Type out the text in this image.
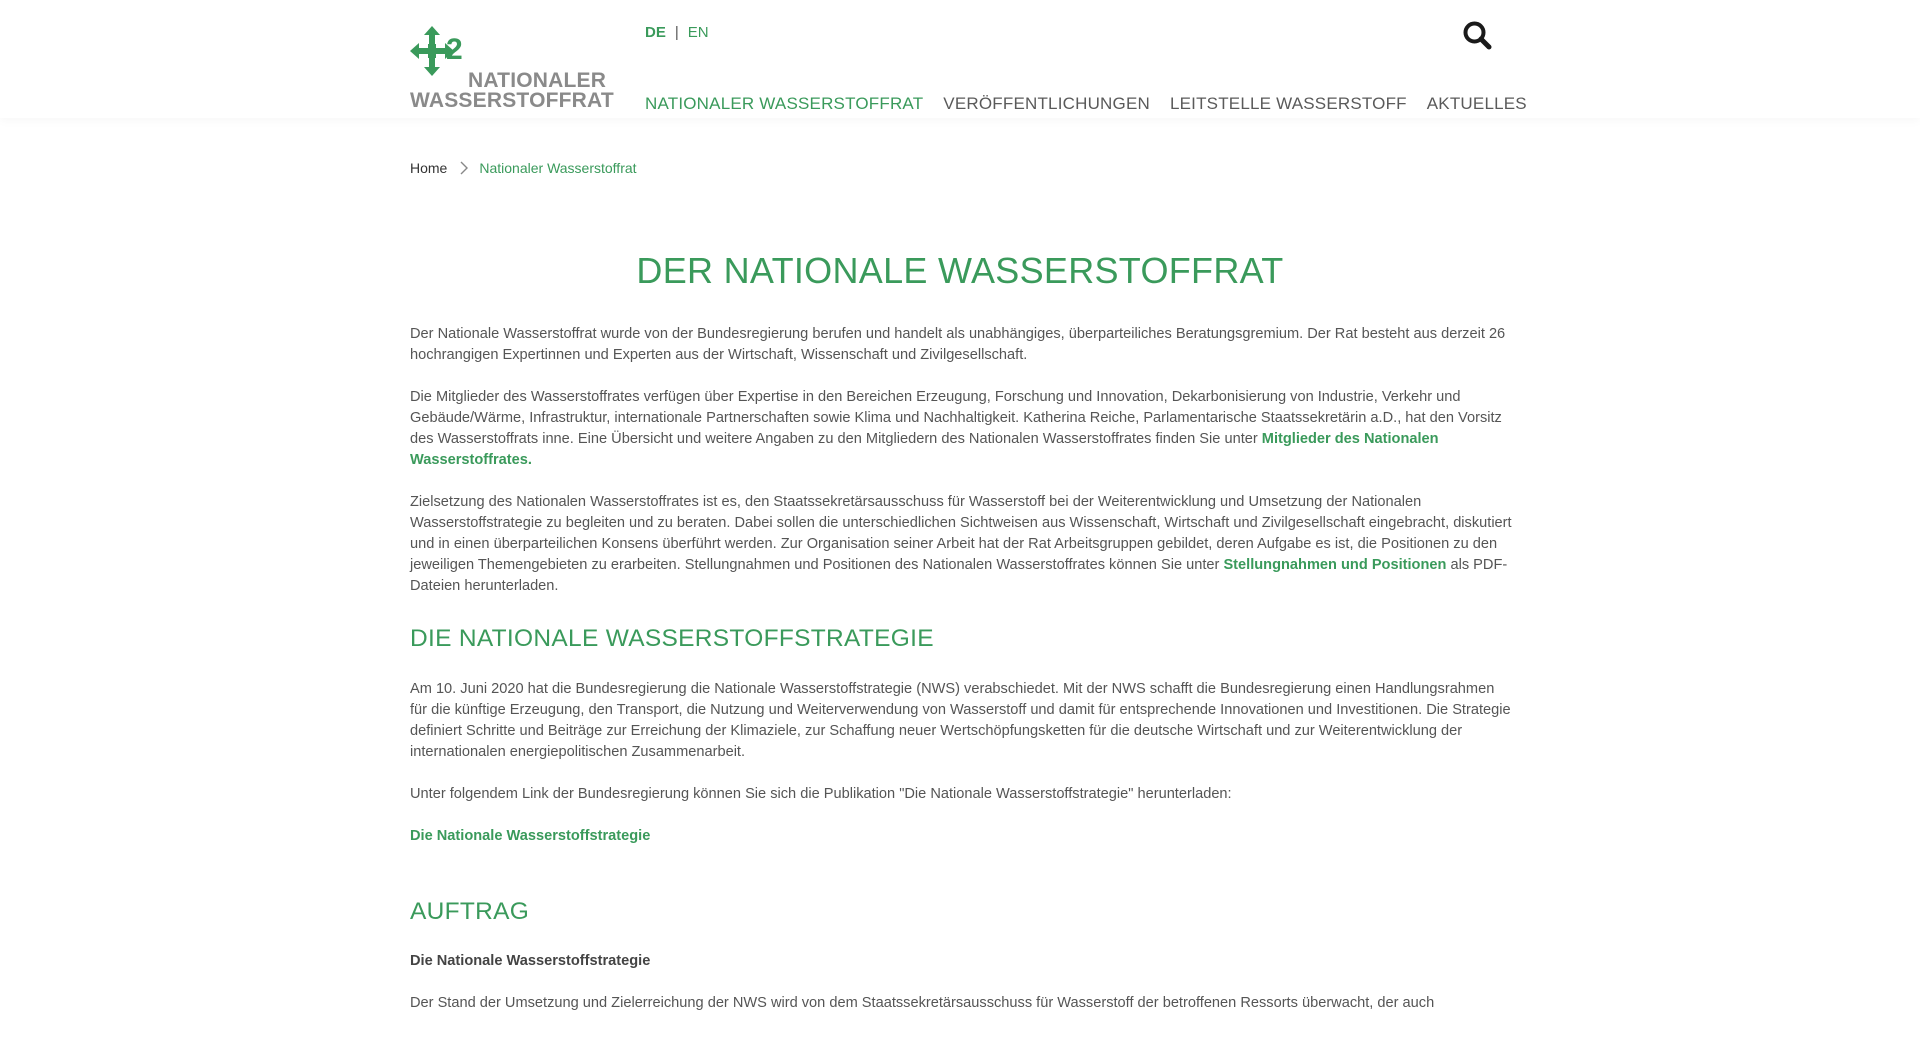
2
NATIONALER
WASSERSTOFFRAT
DE | EN
NATIONALER WASSERSTOFFRAT VERÖFFENTLICHUNGEN LEITSTELLE WASSERSTOFF AKTUELLES
Home Nationaler Wasserstoffrat
DER NATIONALE WASSERSTOFFRAT

Der Nationale Wasserstoffrat wurde von der Bundesregierung berufen und handelt als unabhängiges, überparteiliches Beratungsgremium. Der Rat besteht aus derzeit 26 hochrangigen Expertinnen und Experten aus der Wirtschaft, Wissenschaft und Zivilgesellschaft.

Die Mitglieder des Wasserstoffrates verfügen über Expertise in den Bereichen Erzeugung, Forschung und Innovation, Dekarbonisierung von Industrie, Verkehr und Gebäude/Wärme, Infrastruktur, internationale Partnerschaften sowie Klima und Nachhaltigkeit. Katherina Reiche, Parlamentarische Staatssekretärin a.D., hat den Vorsitz des Wasserstoffrats inne. Eine Übersicht und weitere Angaben zu den Mitgliedern des Nationalen Wasserstoffrates finden Sie unter Mitglieder des Nationalen Wasserstoffrates.

Zielsetzung des Nationalen Wasserstoffrates ist es, den Staatssekretärsausschuss für Wasserstoff bei der Weiterentwicklung und Umsetzung der Nationalen Wasserstoffstrategie zu begleiten und zu beraten. Dabei sollen die unterschiedlichen Sichtweisen aus Wissenschaft, Wirtschaft und Zivilgesellschaft eingebracht, diskutiert und in einen überparteilichen Konsens überführt werden. Zur Organisation seiner Arbeit hat der Rat Arbeitsgruppen gebildet, deren Aufgabe es ist, die Positionen zu den jeweiligen Themengebieten zu erarbeiten. Stellungnahmen und Positionen des Nationalen Wasserstoffrates können Sie unter Stellungnahmen und Positionen als PDF-Dateien herunterladen.

DIE NATIONALE WASSERSTOFFSTRATEGIE

Am 10. Juni 2020 hat die Bundesregierung die Nationale Wasserstoffstrategie (NWS) verabschiedet. Mit der NWS schafft die Bundesregierung einen Handlungsrahmen für die künftige Erzeugung, den Transport, die Nutzung und Weiterverwendung von Wasserstoff und damit für entsprechende Innovationen und Investitionen. Die Strategie definiert Schritte und Beiträge zur Erreichung der Klimaziele, zur Schaffung neuer Wertschöpfungsketten für die deutsche Wirtschaft und zur Weiterentwicklung der internationalen energiepolitischen Zusammenarbeit.

Unter folgendem Link der Bundesregierung können Sie sich die Publikation "Die Nationale Wasserstoffstrategie" herunterladen:

Die Nationale Wasserstoffstrategie

AUFTRAG

Die Nationale Wasserstoffstrategie

Der Stand der Umsetzung und Zielerreichung der NWS wird von dem Staatssekretärsausschuss für Wasserstoff der betroffenen Ressorts überwacht, der auch
